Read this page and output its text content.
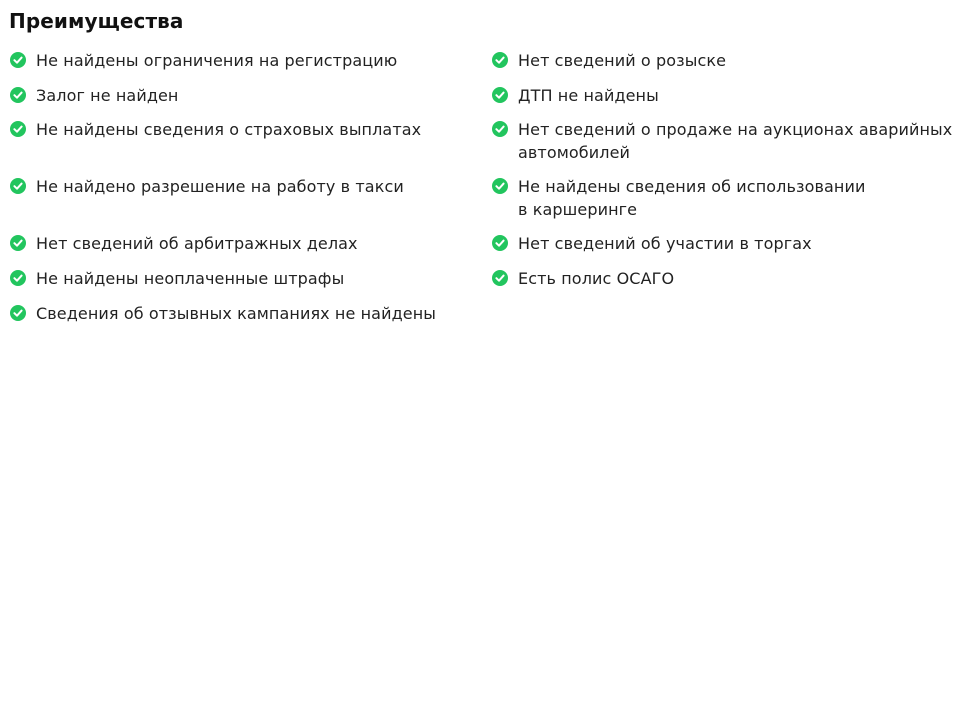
Преимущества
Не найдены ограничения на регистрацию
Залог не найден
Не найдены сведения о страховых выплатах
Не найдено разрешение на работу в такси
Нет сведений об арбитражных делах
Не найдены неоплаченные штрафы
Сведения об отзывных кампаниях не найдены
Нет сведений о розыске
ДТП не найдены
Нет сведений о продаже на аукционах аварийных
автомобилей
Не найдены сведения об использовании
в каршеринге
Нет сведений об участии в торгах
Есть полис ОСАГО
